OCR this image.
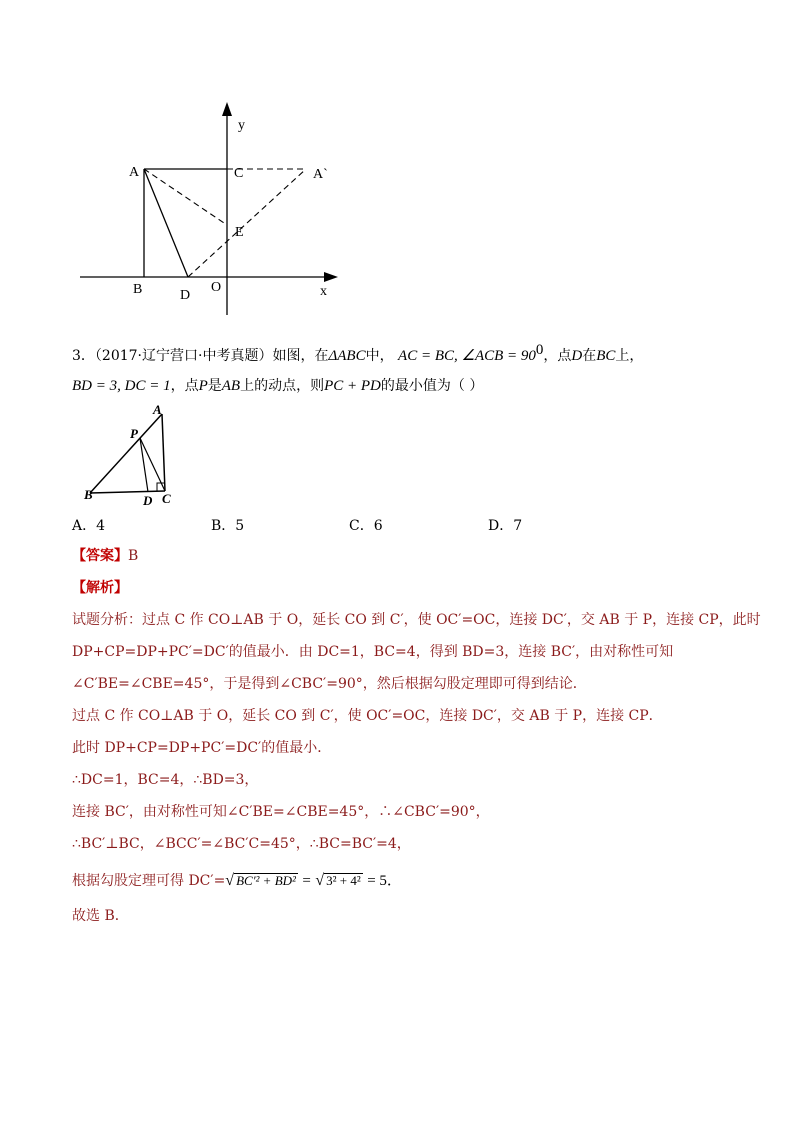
y
x
A	C	A`
E
B	D
O
3．（2017·辽宁营口·中考真题）如图，在ΔABC中， AC = BC, ∠ACB = $90^0$，点D在BC上，
BD = 3, DC = 1，点P是AB上的动点，则PC + PD的最小值为（ ）
A
P
B	D C
A．4	B．5	C．6	D．7
【答案】B
【解析】
试题分析：过点 C 作 CO⊥AB 于 O，延长 CO 到 C′，使 OC′=OC，连接 DC′，交 AB 于 P，连接 CP，此时
DP+CP=DP+PC′=DC′的值最小．由 DC=1，BC=4，得到 BD=3，连接 BC′，由对称性可知
∠C′BE=∠CBE=45°，于是得到∠CBC′=90°，然后根据勾股定理即可得到结论．
过点 C 作 CO⊥AB 于 O，延长 CO 到 C′，使 OC′=OC，连接 DC′，交 AB 于 P，连接 CP．
此时 DP+CP=DP+PC′=DC′的值最小．
∴DC=1，BC=4，∴BD=3，
连接 BC′，由对称性可知∠C′BE=∠CBE=45°，∴∠CBC′=90°，
∴BC′⊥BC，∠BCC′=∠BC′C=45°，∴BC=BC′=4，
根据勾股定理可得 DC′=√ BC′² + BD² = √ 3² + 4² = 5．
故选 B．
